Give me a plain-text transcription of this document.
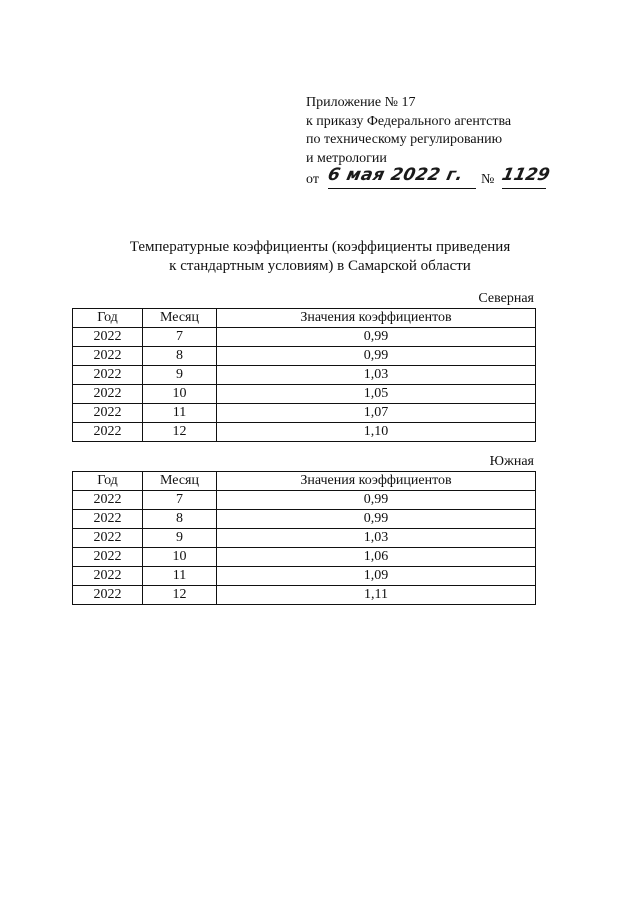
Приложение № 17
к приказу Федерального агентства
по техническому регулированию
и метрологии
от 6 мая 2022 г.	№ 1129
Температурные коэффициенты (коэффициенты приведения
к стандартным условиям) в Самарской области
Северная
Год	Месяц	Значения коэффициентов
2022	7	0,99
2022	8	0,99
2022	9	1,03
2022	10	1,05
2022	11	1,07
2022	12	1,10
Южная
Год	Месяц	Значения коэффициентов
2022	7	0,99
2022	8	0,99
2022	9	1,03
2022	10	1,06
2022	11	1,09
2022	12	1,11
